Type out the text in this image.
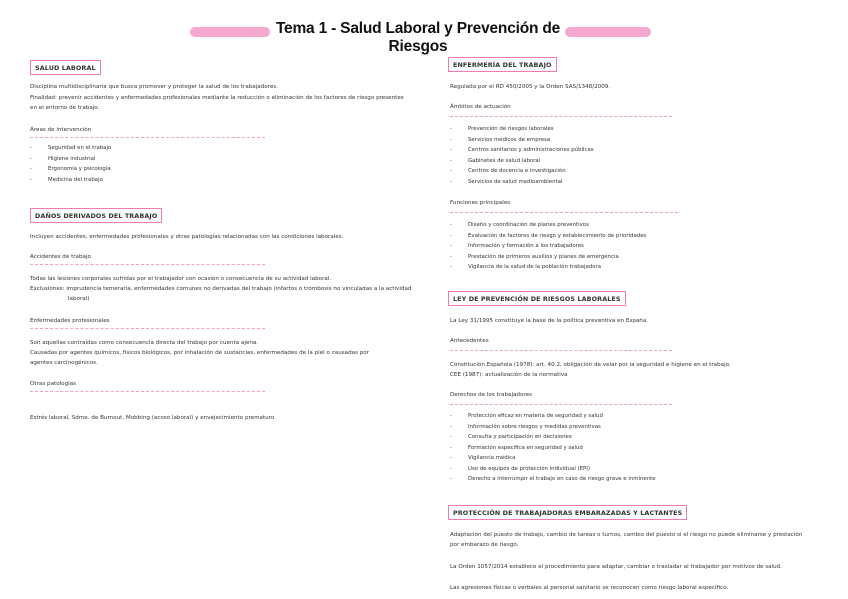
Tema 1 - Salud Laboral y Prevención de Riesgos
SALUD LABORAL
Disciplina multidisciplinaria que busca promover y proteger la salud de los trabajadores.
Finalidad: prevenir accidentes y enfermedades profesionales mediante la reducción o eliminación de los factores de riesgo presentes en el entorno de trabajo.
Áreas de intervención
- Seguridad en el trabajo
- Higiene industrial
- Ergonomía y psicología
- Medicina del trabajo
DAÑOS DERIVADOS DEL TRABAJO
Incluyen accidentes, enfermedades profesionales y otras patologías relacionadas con las condiciones laborales.
Accidentes de trabajo
Todas las lesiones corporales sufridas por el trabajador con ocasión o consecuencia de su actividad laboral.
Exclusiones: imprudencia temeraria, enfermedades comunes no derivadas del trabajo (infartos o trombosis no vinculadas a la actividad
laboral)
Enfermedades profesionales
Son aquellas contraídas como consecuencia directa del trabajo por cuenta ajena.
Causadas por agentes químicos, físicos biológicos, por inhalación de sustancias, enfermedades de la piel o causadas por agentes carcinogénicos.
Otras patologías
Estrés laboral, Sdme. de Burnout, Mobbing (acoso laboral) y envejecimiento prematuro.
ENFERMERÍA DEL TRABAJO
Regulada por el RD 450/2005 y la Orden SAS/1348/2009.
Ámbitos de actuación
- Prevención de riesgos laborales
- Servicios médicos de empresa
- Centros sanitarios y administraciones públicas
- Gabinetes de salud laboral
- Centros de docencia e investigación
- Servicios de salud medioambiental
Funciones principales
- Diseño y coordinación de planes preventivos
- Evaluación de factores de riesgo y establecimiento de prioridades
- Información y formación a los trabajadores
- Prestación de primeros auxilios y planes de emergencia
- Vigilancia de la salud de la población trabajadora
LEY DE PREVENCIÓN DE RIESGOS LABORALES
La Ley 31/1995 constituye la base de la política preventiva en España.
Antecedentes
Constitución Española (1978): art. 40.2, obligación de velar por la seguridad e higiene en el trabajo.
CEE (1987): actualización de la normativa
Derechos de los trabajadores
- Protección eficaz en materia de seguridad y salud
- Información sobre riesgos y medidas preventivas
- Consulta y participación en decisiones
- Formación específica en seguridad y salud
- Vigilancia médica
- Uso de equipos de protección individual (EPI)
- Derecho a interrumpir el trabajo en caso de riesgo grave e inminente
PROTECCIÓN DE TRABAJADORAS EMBARAZADAS Y LACTANTES
Adaptación del puesto de trabajo, cambio de tareas o turnos, cambio del puesto si el riesgo no puede eliminarse y prestación por embarazo de riesgo.
La Orden 1057/2014 establece el procedimiento para adaptar, cambiar o trasladar al trabajador por motivos de salud.
Las agresiones físicas o verbales al personal sanitario se reconocen como riesgo laboral específico.
